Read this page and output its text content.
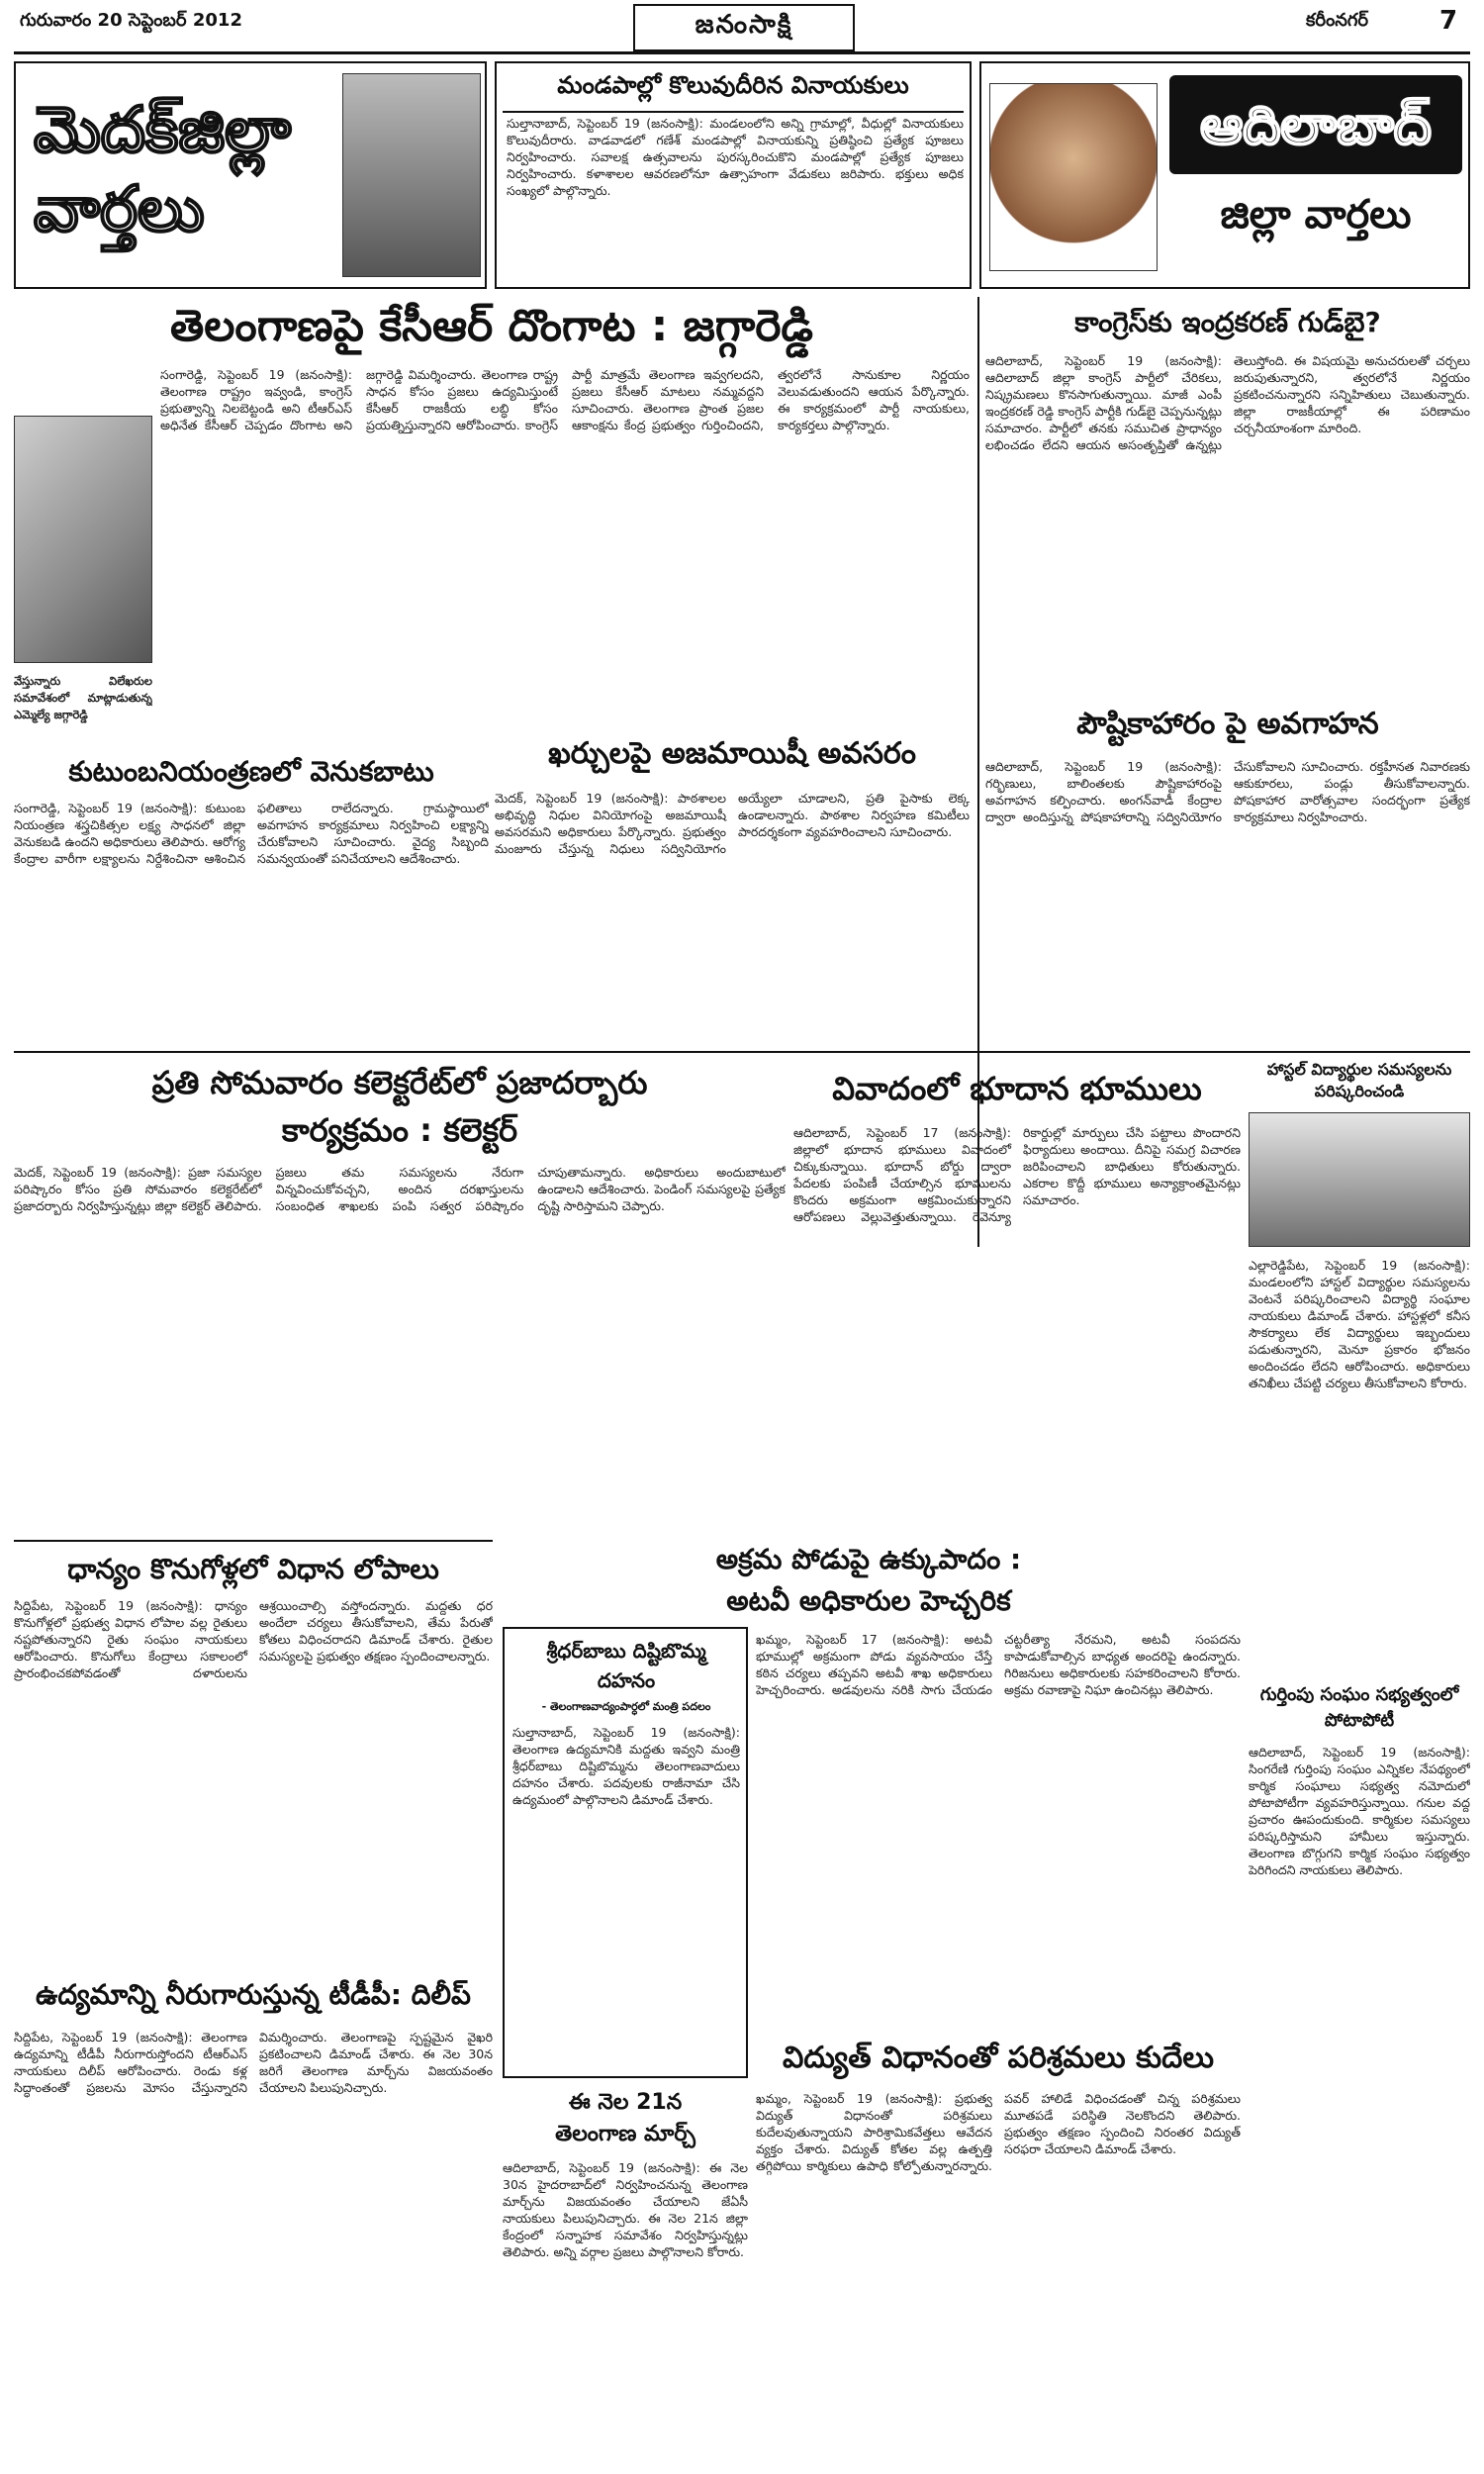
గురువారం 20 సెప్టెంబర్ 2012	జనంసాక్షి	కరీంనగర్	7
మెదక్‌జిల్లా వార్తలు
మండపాల్లో కొలువుదీరిన వినాయకులు
సుల్తానాబాద్, సెప్టెంబర్ 19 (జనంసాక్షి): మండలంలోని అన్ని గ్రామాల్లో, వీధుల్లో వినాయకులు కొలువుదీరారు. వాడవాడలో గణేశ్ మండపాల్లో వినాయకున్ని ప్రతిష్ఠించి ప్రత్యేక పూజలు నిర్వహించారు. సవాలక్ష ఉత్సవాలను పురస్కరించుకొని మండపాల్లో ప్రత్యేక పూజలు నిర్వహించారు. కళాశాలల ఆవరణలోనూ ఉత్సాహంగా వేడుకలు జరిపారు. భక్తులు అధిక సంఖ్యలో పాల్గొన్నారు.
ఆదిలాబాద్
జిల్లా వార్తలు
తెలంగాణపై కేసీఆర్ దొంగాట : జగ్గారెడ్డి
సంగారెడ్డి, సెప్టెంబర్ 19 (జనంసాక్షి): తెలంగాణ రాష్ట్రం ఇవ్వండి, కాంగ్రెస్ ప్రభుత్వాన్ని నిలబెట్టండి అని టీఆర్ఎస్ అధినేత కేసీఆర్ చెప్పడం దొంగాట అని జగ్గారెడ్డి విమర్శించారు. తెలంగాణ రాష్ట్ర సాధన కోసం ప్రజలు ఉద్యమిస్తుంటే కేసీఆర్ రాజకీయ లబ్ధి కోసం ప్రయత్నిస్తున్నారని ఆరోపించారు. కాంగ్రెస్ పార్టీ మాత్రమే తెలంగాణ ఇవ్వగలదని, ప్రజలు కేసీఆర్ మాటలు నమ్మవద్దని సూచించారు. తెలంగాణ ప్రాంత ప్రజల ఆకాంక్షను కేంద్ర ప్రభుత్వం గుర్తించిందని, త్వరలోనే సానుకూల నిర్ణయం వెలువడుతుందని ఆయన పేర్కొన్నారు. ఈ కార్యక్రమంలో పార్టీ నాయకులు, కార్యకర్తలు పాల్గొన్నారు.
వేస్తున్నారు విలేఖరుల సమావేశంలో మాట్లాడుతున్న ఎమ్మెల్యే జగ్గారెడ్డి
కాంగ్రెస్‌కు ఇంద్రకరణ్ గుడ్‌బై?
ఆదిలాబాద్, సెప్టెంబర్ 19 (జనంసాక్షి): ఆదిలాబాద్ జిల్లా కాంగ్రెస్ పార్టీలో చేరికలు, నిష్క్రమణలు కొనసాగుతున్నాయి. మాజీ ఎంపీ ఇంద్రకరణ్ రెడ్డి కాంగ్రెస్ పార్టీకి గుడ్‌బై చెప్పనున్నట్లు సమాచారం. పార్టీలో తనకు సముచిత ప్రాధాన్యం లభించడం లేదని ఆయన అసంతృప్తితో ఉన్నట్లు తెలుస్తోంది. ఈ విషయమై అనుచరులతో చర్చలు జరుపుతున్నారని, త్వరలోనే నిర్ణయం ప్రకటించనున్నారని సన్నిహితులు చెబుతున్నారు. జిల్లా రాజకీయాల్లో ఈ పరిణామం చర్చనీయాంశంగా మారింది.
కుటుంబనియంత్రణలో వెనుకబాటు
సంగారెడ్డి, సెప్టెంబర్ 19 (జనంసాక్షి): కుటుంబ నియంత్రణ శస్త్రచికిత్సల లక్ష్య సాధనలో జిల్లా వెనుకబడి ఉందని అధికారులు తెలిపారు. ఆరోగ్య కేంద్రాల వారీగా లక్ష్యాలను నిర్దేశించినా ఆశించిన ఫలితాలు రాలేదన్నారు. గ్రామస్థాయిలో అవగాహన కార్యక్రమాలు నిర్వహించి లక్ష్యాన్ని చేరుకోవాలని సూచించారు. వైద్య సిబ్బంది సమన్వయంతో పనిచేయాలని ఆదేశించారు.
ఖర్చులపై అజమాయిషీ అవసరం
మెదక్, సెప్టెంబర్ 19 (జనంసాక్షి): పాఠశాలల అభివృద్ధి నిధుల వినియోగంపై అజమాయిషీ అవసరమని అధికారులు పేర్కొన్నారు. ప్రభుత్వం మంజూరు చేస్తున్న నిధులు సద్వినియోగం అయ్యేలా చూడాలని, ప్రతి పైసాకు లెక్క ఉండాలన్నారు. పాఠశాల నిర్వహణ కమిటీలు పారదర్శకంగా వ్యవహరించాలని సూచించారు.
పౌష్టికాహారం పై అవగాహన
ఆదిలాబాద్, సెప్టెంబర్ 19 (జనంసాక్షి): గర్భిణులు, బాలింతలకు పౌష్టికాహారంపై అవగాహన కల్పించారు. అంగన్‌వాడీ కేంద్రాల ద్వారా అందిస్తున్న పోషకాహారాన్ని సద్వినియోగం చేసుకోవాలని సూచించారు. రక్తహీనత నివారణకు ఆకుకూరలు, పండ్లు తీసుకోవాలన్నారు. పోషకాహార వారోత్సవాల సందర్భంగా ప్రత్యేక కార్యక్రమాలు నిర్వహించారు.
ప్రతి సోమవారం కలెక్టరేట్‌లో ప్రజాదర్బారు
కార్యక్రమం : కలెక్టర్
మెదక్, సెప్టెంబర్ 19 (జనంసాక్షి): ప్రజా సమస్యల పరిష్కారం కోసం ప్రతి సోమవారం కలెక్టరేట్‌లో ప్రజాదర్బారు నిర్వహిస్తున్నట్లు జిల్లా కలెక్టర్ తెలిపారు. ప్రజలు తమ సమస్యలను నేరుగా విన్నవించుకోవచ్చని, అందిన దరఖాస్తులను సంబంధిత శాఖలకు పంపి సత్వర పరిష్కారం చూపుతామన్నారు. అధికారులు అందుబాటులో ఉండాలని ఆదేశించారు. పెండింగ్ సమస్యలపై ప్రత్యేక దృష్టి సారిస్తామని చెప్పారు.
వివాదంలో భూదాన భూములు
ఆదిలాబాద్, సెప్టెంబర్ 17 (జనంసాక్షి): జిల్లాలో భూదాన భూములు వివాదంలో చిక్కుకున్నాయి. భూదాన్ బోర్డు ద్వారా పేదలకు పంపిణీ చేయాల్సిన భూములను కొందరు అక్రమంగా ఆక్రమించుకున్నారని ఆరోపణలు వెల్లువెత్తుతున్నాయి. రెవెన్యూ రికార్డుల్లో మార్పులు చేసి పట్టాలు పొందారని ఫిర్యాదులు అందాయి. దీనిపై సమగ్ర విచారణ జరిపించాలని బాధితులు కోరుతున్నారు. ఎకరాల కొద్దీ భూములు అన్యాక్రాంతమైనట్లు సమాచారం.
హాస్టల్ విద్యార్థుల సమస్యలను పరిష్కరించండి
ఎల్లారెడ్డిపేట, సెప్టెంబర్ 19 (జనంసాక్షి): మండలంలోని హాస్టల్ విద్యార్థుల సమస్యలను వెంటనే పరిష్కరించాలని విద్యార్థి సంఘాల నాయకులు డిమాండ్ చేశారు. హాస్టళ్లలో కనీస సౌకర్యాలు లేక విద్యార్థులు ఇబ్బందులు పడుతున్నారని, మెనూ ప్రకారం భోజనం అందించడం లేదని ఆరోపించారు. అధికారులు తనిఖీలు చేపట్టి చర్యలు తీసుకోవాలని కోరారు.
అక్రమ పోడుపై ఉక్కుపాదం :
అటవీ అధికారుల హెచ్చరిక
ఖమ్మం, సెప్టెంబర్ 17 (జనంసాక్షి): అటవీ భూముల్లో అక్రమంగా పోడు వ్యవసాయం చేస్తే కఠిన చర్యలు తప్పవని అటవీ శాఖ అధికారులు హెచ్చరించారు. అడవులను నరికి సాగు చేయడం చట్టరీత్యా నేరమని, అటవీ సంపదను కాపాడుకోవాల్సిన బాధ్యత అందరిపై ఉందన్నారు. గిరిజనులు అధికారులకు సహకరించాలని కోరారు. అక్రమ రవాణాపై నిఘా ఉంచినట్లు తెలిపారు.
ధాన్యం కొనుగోళ్లలో విధాన లోపాలు
సిద్దిపేట, సెప్టెంబర్ 19 (జనంసాక్షి): ధాన్యం కొనుగోళ్లలో ప్రభుత్వ విధాన లోపాల వల్ల రైతులు నష్టపోతున్నారని రైతు సంఘం నాయకులు ఆరోపించారు. కొనుగోలు కేంద్రాలు సకాలంలో ప్రారంభించకపోవడంతో దళారులను ఆశ్రయించాల్సి వస్తోందన్నారు. మద్దతు ధర అందేలా చర్యలు తీసుకోవాలని, తేమ పేరుతో కోతలు విధించరాదని డిమాండ్ చేశారు. రైతుల సమస్యలపై ప్రభుత్వం తక్షణం స్పందించాలన్నారు.	శ్రీధర్‌బాబు దిష్టిబొమ్మ
దహనం
- తెలంగాణవాద్యంపార్ధలో మంత్రి పదలం
సుల్తానాబాద్, సెప్టెంబర్ 19 (జనంసాక్షి): తెలంగాణ ఉద్యమానికి మద్దతు ఇవ్వని మంత్రి శ్రీధర్‌బాబు దిష్టిబొమ్మను తెలంగాణవాదులు దహనం చేశారు. పదవులకు రాజీనామా చేసి ఉద్యమంలో పాల్గొనాలని డిమాండ్ చేశారు.
ఈ నెల 21న
తెలంగాణ మార్చ్
ఆదిలాబాద్, సెప్టెంబర్ 19 (జనంసాక్షి): ఈ నెల 30న హైదరాబాద్‌లో నిర్వహించనున్న తెలంగాణ మార్చ్‌ను విజయవంతం చేయాలని జేఏసీ నాయకులు పిలుపునిచ్చారు. ఈ నెల 21న జిల్లా కేంద్రంలో సన్నాహక సమావేశం నిర్వహిస్తున్నట్లు తెలిపారు. అన్ని వర్గాల ప్రజలు పాల్గొనాలని కోరారు.
గుర్తింపు సంఘం సభ్యత్వంలో పోటాపోటీ
ఆదిలాబాద్, సెప్టెంబర్ 19 (జనంసాక్షి): సింగరేణి గుర్తింపు సంఘం ఎన్నికల నేపథ్యంలో కార్మిక సంఘాలు సభ్యత్వ నమోదులో పోటాపోటీగా వ్యవహరిస్తున్నాయి. గనుల వద్ద ప్రచారం ఊపందుకుంది. కార్మికుల సమస్యలు పరిష్కరిస్తామని హామీలు ఇస్తున్నారు. తెలంగాణ బొగ్గుగని కార్మిక సంఘం సభ్యత్వం పెరిగిందని నాయకులు తెలిపారు.
విద్యుత్ విధానంతో పరిశ్రమలు కుదేలు
ఖమ్మం, సెప్టెంబర్ 19 (జనంసాక్షి): ప్రభుత్వ విద్యుత్ విధానంతో పరిశ్రమలు కుదేలవుతున్నాయని పారిశ్రామికవేత్తలు ఆవేదన వ్యక్తం చేశారు. విద్యుత్ కోతల వల్ల ఉత్పత్తి తగ్గిపోయి కార్మికులు ఉపాధి కోల్పోతున్నారన్నారు. పవర్ హాలిడే విధించడంతో చిన్న పరిశ్రమలు మూతపడే పరిస్థితి నెలకొందని తెలిపారు. ప్రభుత్వం తక్షణం స్పందించి నిరంతర విద్యుత్ సరఫరా చేయాలని డిమాండ్ చేశారు.
ఉద్యమాన్ని నీరుగారుస్తున్న టీడీపీ: దిలీప్
సిద్దిపేట, సెప్టెంబర్ 19 (జనంసాక్షి): తెలంగాణ ఉద్యమాన్ని టీడీపీ నీరుగారుస్తోందని టీఆర్ఎస్ నాయకులు దిలీప్ ఆరోపించారు. రెండు కళ్ల సిద్ధాంతంతో ప్రజలను మోసం చేస్తున్నారని విమర్శించారు. తెలంగాణపై స్పష్టమైన వైఖరి ప్రకటించాలని డిమాండ్ చేశారు. ఈ నెల 30న జరిగే తెలంగాణ మార్చ్‌ను విజయవంతం చేయాలని పిలుపునిచ్చారు.
